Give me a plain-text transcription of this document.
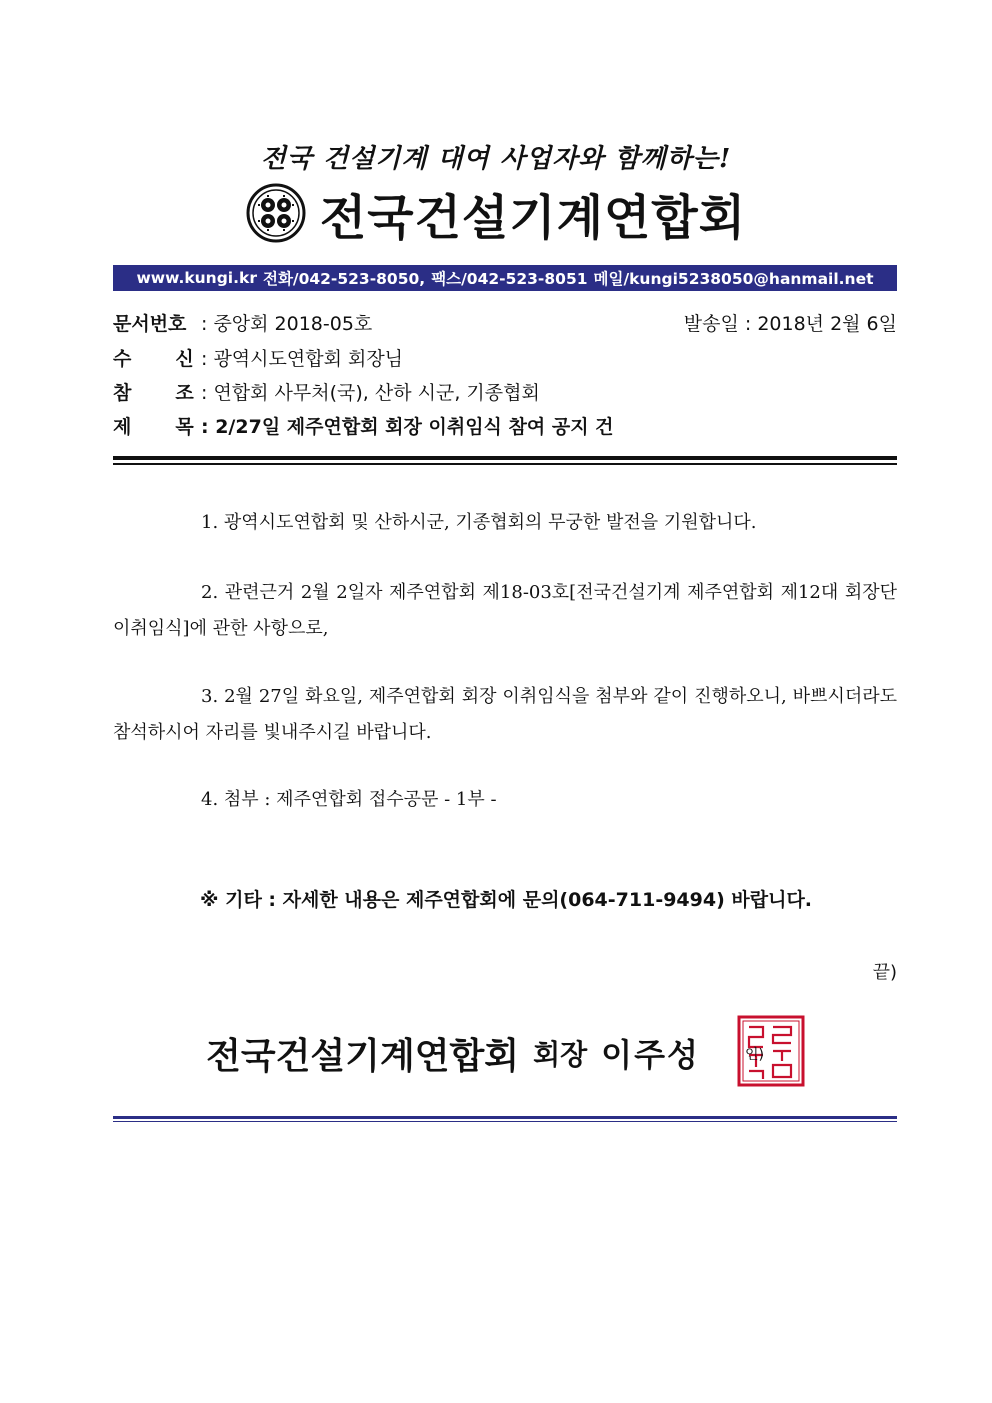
전국 건설기계 대여 사업자와 함께하는!
전국건설기계연합회
www.kungi.kr 전화/042-523-8050, 팩스/042-523-8051 메일/kungi5238050@hanmail.net
문서번호 : 중앙회 2018-05호	발송일 : 2018년 2월 6일
수 신 : 광역시도연합회 회장님
참 조 : 연합회 사무처(국), 산하 시군, 기종협회
제 목 : 2/27일 제주연합회 회장 이취임식 참여 공지 건
1. 광역시도연합회 및 산하시군, 기종협회의 무궁한 발전을 기원합니다.
2. 관련근거 2월 2일자 제주연합회 제18-03호[전국건설기계 제주연합회 제12대 회장단 이취임식]에 관한 사항으로,
3. 2월 27일 화요일, 제주연합회 회장 이취임식을 첨부와 같이 진행하오니, 바쁘시더라도 참석하시어 자리를 빛내주시길 바랍니다.
4. 첨부 : 제주연합회 접수공문 - 1부 -
※ 기타 : 자세한 내용은 제주연합회에 문의(064-711-9494) 바랍니다.
끝)
전국건설기계연합회 회장 이주성	인)
